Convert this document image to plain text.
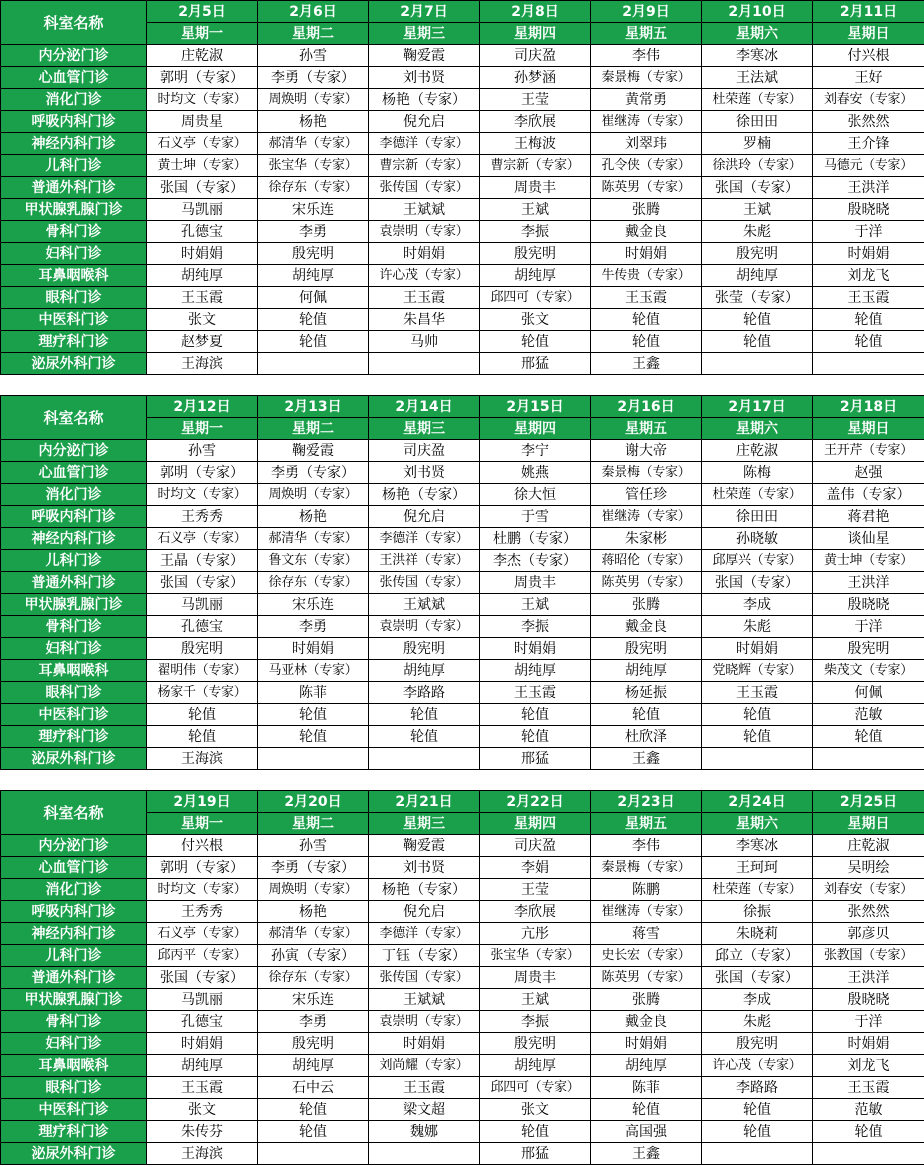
科室名称	2月5日	2月6日	2月7日	2月8日	2月9日	2月10日	2月11日
	星期一	星期二	星期三	星期四	星期五	星期六	星期日
内分泌门诊	庄乾淑	孙雪	鞠爱霞	司庆盈	李伟	李寒冰	付兴根
心血管门诊	郭明（专家）	李勇（专家）	刘书贤	孙梦涵	秦景梅（专家）	王法斌	王好
消化门诊	时均文（专家）	周焕明（专家）	杨艳（专家）	王莹	黄常勇	杜荣莲（专家）	刘春安（专家）
呼吸内科门诊	周贵星	杨艳	倪允启	李欣展	崔继涛（专家）	徐田田	张然然
神经内科门诊	石义亭（专家）	郝清华（专家）	李德洋（专家）	王梅波	刘翠玮	罗楠	王介锋
儿科门诊	黄士坤（专家）	张宝华（专家）	曹宗新（专家）	曹宗新（专家）	孔令侠（专家）	徐洪玲（专家）	马德元（专家）
普通外科门诊	张国（专家）	徐存东（专家）	张传国（专家）	周贵丰	陈英男（专家）	张国（专家）	王洪洋
甲状腺乳腺门诊	马凯丽	宋乐连	王斌斌	王斌	张腾	王斌	殷晓晓
骨科门诊	孔德宝	李勇	袁崇明（专家）	李振	戴金良	朱彪	于洋
妇科门诊	时娟娟	殷宪明	时娟娟	殷宪明	时娟娟	殷宪明	时娟娟
耳鼻咽喉科	胡纯厚	胡纯厚	许心茂（专家）	胡纯厚	牛传贵（专家）	胡纯厚	刘龙飞
眼科门诊	王玉霞	何佩	王玉霞	邱四可（专家）	王玉霞	张莹（专家）	王玉霞
中医科门诊	张文	轮值	朱昌华	张文	轮值	轮值	轮值
理疗科门诊	赵梦夏	轮值	马帅	轮值	轮值	轮值	轮值
泌尿外科门诊	王海滨			邢猛	王鑫		
科室名称	2月12日	2月13日	2月14日	2月15日	2月16日	2月17日	2月18日
	星期一	星期二	星期三	星期四	星期五	星期六	星期日
内分泌门诊	孙雪	鞠爱霞	司庆盈	李宁	谢大帝	庄乾淑	王开芹（专家）
心血管门诊	郭明（专家）	李勇（专家）	刘书贤	姚燕	秦景梅（专家）	陈梅	赵强
消化门诊	时均文（专家）	周焕明（专家）	杨艳（专家）	徐大恒	管任珍	杜荣莲（专家）	盖伟（专家）
呼吸内科门诊	王秀秀	杨艳	倪允启	于雪	崔继涛（专家）	徐田田	蒋君艳
神经内科门诊	石义亭（专家）	郝清华（专家）	李德洋（专家）	杜鹏（专家）	朱家彬	孙晓敏	谈仙星
儿科门诊	王晶（专家）	鲁文东（专家）	王洪祥（专家）	李杰（专家）	蒋昭伦（专家）	邱厚兴（专家）	黄士坤（专家）
普通外科门诊	张国（专家）	徐存东（专家）	张传国（专家）	周贵丰	陈英男（专家）	张国（专家）	王洪洋
甲状腺乳腺门诊	马凯丽	宋乐连	王斌斌	王斌	张腾	李成	殷晓晓
骨科门诊	孔德宝	李勇	袁崇明（专家）	李振	戴金良	朱彪	于洋
妇科门诊	殷宪明	时娟娟	殷宪明	时娟娟	殷宪明	时娟娟	殷宪明
耳鼻咽喉科	翟明伟（专家）	马亚林（专家）	胡纯厚	胡纯厚	胡纯厚	党晓辉（专家）	柴茂文（专家）
眼科门诊	杨家千（专家）	陈菲	李路路	王玉霞	杨延振	王玉霞	何佩
中医科门诊	轮值	轮值	轮值	轮值	轮值	轮值	范敏
理疗科门诊	轮值	轮值	轮值	轮值	杜欣泽	轮值	轮值
泌尿外科门诊	王海滨			邢猛	王鑫		
科室名称	2月19日	2月20日	2月21日	2月22日	2月23日	2月24日	2月25日
	星期一	星期二	星期三	星期四	星期五	星期六	星期日
内分泌门诊	付兴根	孙雪	鞠爱霞	司庆盈	李伟	李寒冰	庄乾淑
心血管门诊	郭明（专家）	李勇（专家）	刘书贤	李娟	秦景梅（专家）	王珂珂	吴明绘
消化门诊	时均文（专家）	周焕明（专家）	杨艳（专家）	王莹	陈鹏	杜荣莲（专家）	刘春安（专家）
呼吸内科门诊	王秀秀	杨艳	倪允启	李欣展	崔继涛（专家）	徐振	张然然
神经内科门诊	石义亭（专家）	郝清华（专家）	李德洋（专家）	亢彤	蒋雪	朱晓莉	郭彦贝
儿科门诊	邱丙平（专家）	孙寅（专家）	丁钰（专家）	张宝华（专家）	史长宏（专家）	邱立（专家）	张教国（专家）
普通外科门诊	张国（专家）	徐存东（专家）	张传国（专家）	周贵丰	陈英男（专家）	张国（专家）	王洪洋
甲状腺乳腺门诊	马凯丽	宋乐连	王斌斌	王斌	张腾	李成	殷晓晓
骨科门诊	孔德宝	李勇	袁崇明（专家）	李振	戴金良	朱彪	于洋
妇科门诊	时娟娟	殷宪明	时娟娟	殷宪明	时娟娟	殷宪明	时娟娟
耳鼻咽喉科	胡纯厚	胡纯厚	刘尚耀（专家）	胡纯厚	胡纯厚	许心茂（专家）	刘龙飞
眼科门诊	王玉霞	石中云	王玉霞	邱四可（专家）	陈菲	李路路	王玉霞
中医科门诊	张文	轮值	梁文超	张文	轮值	轮值	范敏
理疗科门诊	朱传芬	轮值	魏娜	轮值	高国强	轮值	轮值
泌尿外科门诊	王海滨			邢猛	王鑫		
